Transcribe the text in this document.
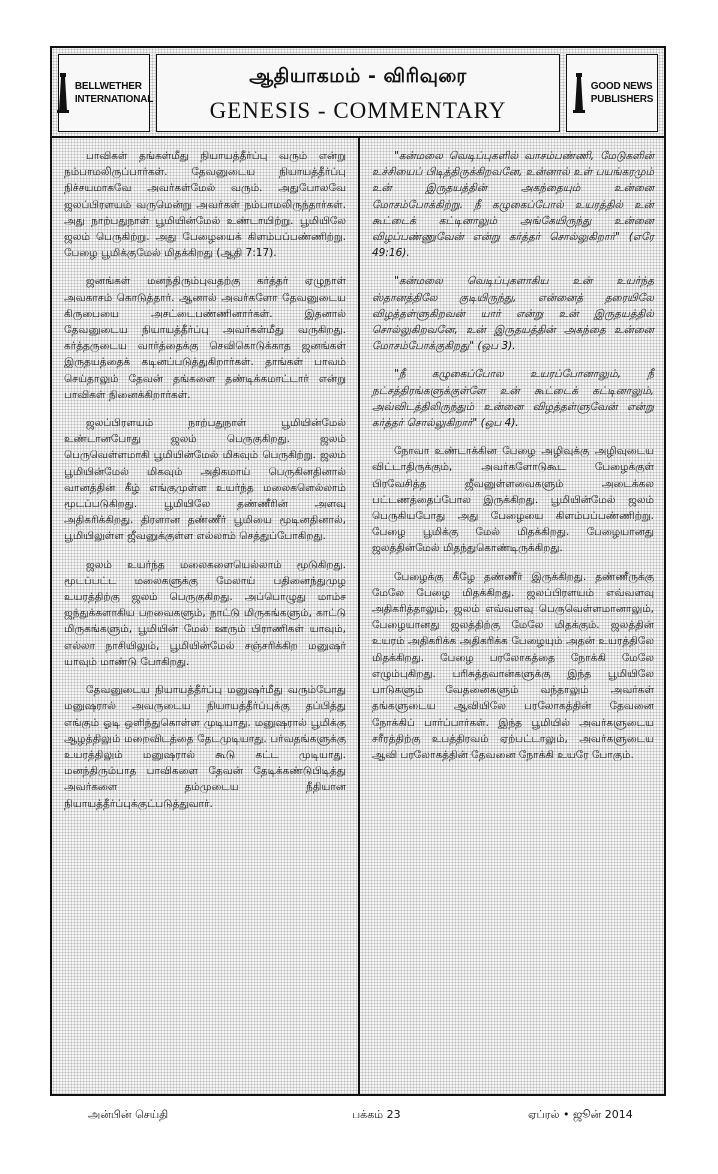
BELLWETHER
INTERNATIONAL
ஆதியாகமம் - விரிவுரை
GENESIS - COMMENTARY
GOOD NEWS
PUBLISHERS

பாவிகள் தங்கள்மீது நியாயத்தீர்ப்பு வரும் என்று நம்பாமலிருப்பார்கள். தேவனுடைய நியாயத்தீர்ப்பு நிச்சயமாகவே அவர்கள்மேல் வரும். அதுபோலவே ஜலப்பிரளயம் வருமென்று அவர்கள் நம்பாமலிருந்தார்கள். அது நாற்பதுநாள் பூமியின்மேல் உண்டாயிற்று. பூமியிலே ஜலம் பெருகிற்று. அது பேழையைக் கிளம்பப்பண்ணிற்று. பேழை பூமிக்குமேல் மிதக்கிறது (ஆதி 7:17).

ஜனங்கள் மனந்திரும்புவதற்கு கர்த்தர் ஏழுநாள் அவகாசம் கொடுத்தார். ஆனால் அவர்களோ தேவனுடைய கிருபையை அசட்டைபண்ணினார்கள். இதனால் தேவனுடைய நியாயத்தீர்ப்பு அவர்கள்மீது வருகிறது. கர்த்தருடைய வார்த்தைக்கு செவிகொடுக்காத ஜனங்கள் இருதயத்தைக் கடினப்படுத்துகிறார்கள். தாங்கள் பாவம் செய்தாலும் தேவன் தங்களை தண்டிக்கமாட்டார் என்று பாவிகள் நினைக்கிறார்கள்.

ஜலப்பிரளயம் நாற்பதுநாள் பூமியின்மேல் உண்டானபோது ஜலம் பெருகுகிறது. ஜலம் பெருவெள்ளமாகி பூமியின்மேல் மிகவும் பெருகிற்று. ஜலம் பூமியின்மேல் மிகவும் அதிகமாய் பெருகினதினால் வானத்தின் கீழ் எங்குமுள்ள உயர்ந்த மலைகளெல்லாம் மூடப்படுகிறது. பூமியிலே தண்ணீரின் அளவு அதிகரிக்கிறது. திரளான தண்ணீர் பூமியை மூடினதினால், பூமியிலுள்ள ஜீவனுக்குள்ள எல்லாம் செத்துப்போகிறது.

ஜலம் உயர்ந்த மலைகளையெல்லாம் மூடுகிறது. மூடப்பட்ட மலைகளுக்கு மேலாய் பதினைந்துமுழ உயரத்திற்கு ஜலம் பெருகுகிறது. அப்பொழுது மாம்ச ஜந்துக்களாகிய பறவைகளும், நாட்டு மிருகங்களும், காட்டு மிருகங்களும், பூமியின் மேல் ஊரும் பிராணிகள் யாவும், எல்லா நாசியிலும், பூமியின்மேல் சஞ்சரிக்கிற மனுஷர் யாவும் மாண்டு போகிறது.

தேவனுடைய நியாயத்தீர்ப்பு மனுஷர்மீது வரும்போது மனுஷரால் அவருடைய நியாயத்தீர்ப்புக்கு தப்பித்து எங்கும் ஓடி ஒளிந்துகொள்ள முடியாது. மனுஷரால் பூமிக்கு ஆழத்திலும் மறைவிடத்தை தேடமுடியாது. பர்வதங்களுக்கு உயரத்திலும் மனுஷரால் கூடு கட்ட முடியாது. மனந்திரும்பாத பாவிகளை தேவன் தேடிக்கண்டுபிடித்து அவர்களை தம்முடைய நீதியான நியாயத்தீர்ப்புக்குட்படுத்துவார்.

"கன்மலை வெடிப்புகளில் வாசம்பண்ணி, மேடுகளின் உச்சியைப் பிடித்திருக்கிறவனே, உன்னால் உள் பயங்கரமும் உன் இருதயத்தின் அகந்தையும் உன்னை மோசம்போக்கிற்று. நீ கழுகைப்போல் உயரத்தில் உன் கூட்டைக் கட்டினாலும் அங்கேயிருந்து உன்னை விழப்பண்ணுவேன் என்று கர்த்தர் சொல்லுகிறார்" (எரே 49:16).

"கன்மலை வெடிப்புகளாகிய உன் உயர்ந்த ஸ்தானத்திலே குடியிருந்து, என்னைத் தரையிலே விழத்தள்ளுகிறவன் யார் என்று உன் இருதயத்தில் சொல்லுகிறவனே, உன் இருதயத்தின் அகந்தை உன்னை மோசம்போக்குகிறது" (ஒப 3).

"நீ கழுகைப்போல உயரப்போனாலும், நீ நட்சத்திரங்களுக்குள்ளே உன் கூட்டைக் கட்டினாலும், அவ்விடத்திலிருந்தும் உன்னை விழத்தள்ளுவேன் என்று கர்த்தர் சொல்லுகிறார்" (ஒப 4).

நோவா உண்டாக்கின பேழை அழிவுக்கு அழிவுடைய விட்டாதிருக்கும், அவர்களோடுகூட பேழைக்குள் பிரவேசித்த ஜீவனுள்ளவைகளும் அடைக்கல பட்டணத்தைப்போல இருக்கிறது. பூமியின்மேல் ஜலம் பெருகியபோது அது பேழையை கிளம்பப்பண்ணிற்று. பேழை பூமிக்கு மேல் மிதக்கிறது. பேழையானது ஜலத்தின்மேல் மிதந்துகொண்டிருக்கிறது.

பேழைக்கு கீழே தண்ணீர் இருக்கிறது. தண்ணீருக்கு மேலே பேழை மிதக்கிறது. ஜலப்பிரளயம் எவ்வளவு அதிகரித்தாலும், ஜலம் எவ்வளவு பெருவெள்ளமானாலும், பேழையானது ஜலத்திற்கு மேலே மிதக்கும். ஜலத்தின் உயரம் அதிகரிக்க அதிகரிக்க பேழையும் அதன் உயரத்திலே மிதக்கிறது. பேழை பரலோகத்தை நோக்கி மேலே எழும்புகிறது. பரிசுத்தவான்களுக்கு இந்த பூமியிலே பாடுகளும் வேதனைகளும் வந்தாலும் அவர்கள் தங்களுடைய ஆவியிலே பரலோகத்தின் தேவனை நோக்கிப் பார்ப்பார்கள். இந்த பூமியில் அவர்களுடைய சரீரத்திற்கு உபத்திரவம் ஏற்பட்டாலும், அவர்களுடைய ஆவி பரலோகத்தின் தேவனை நோக்கி உயரே போகும்.

அன்பின் செய்தி	பக்கம் 23	ஏப்ரல் • ஜூன் 2014
